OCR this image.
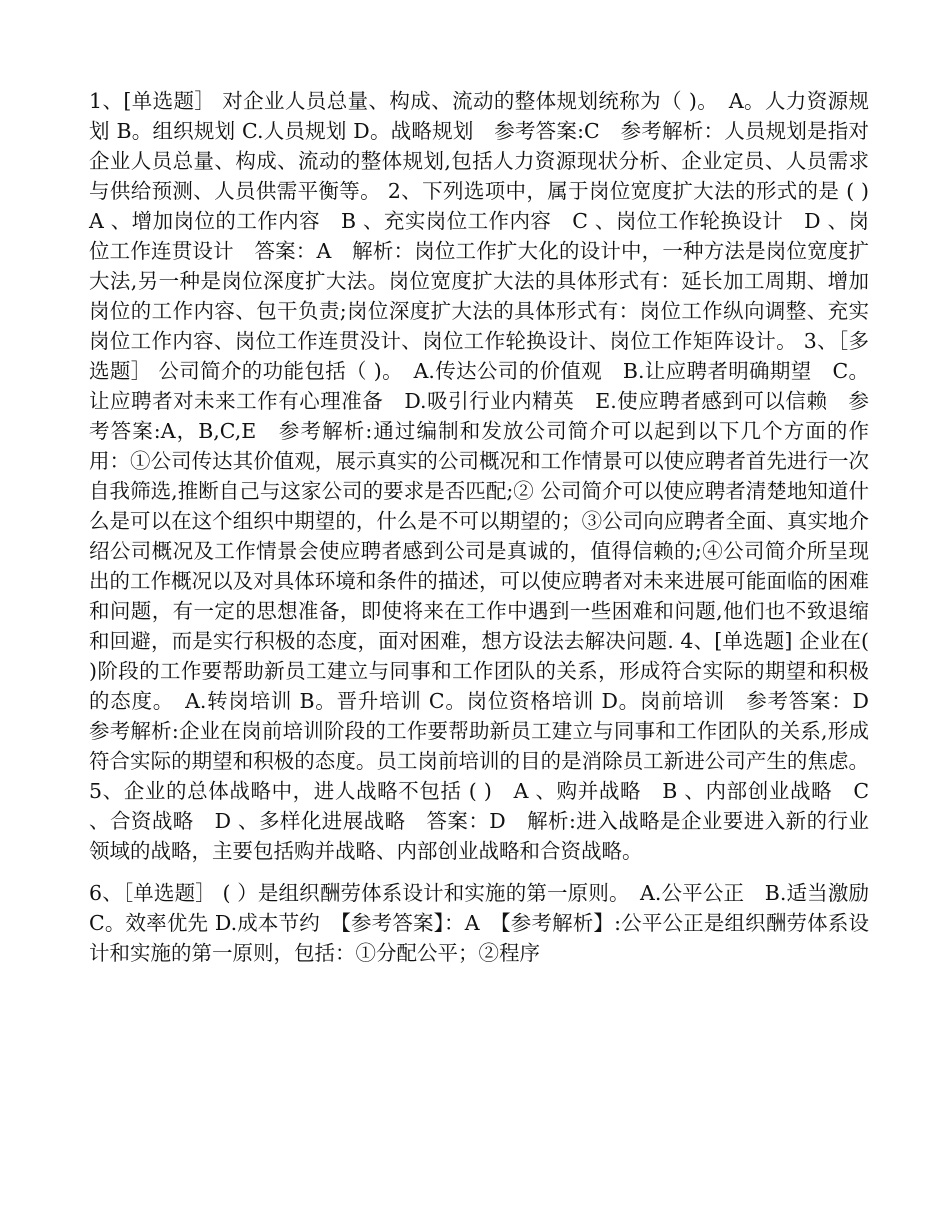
1、[单选题］ 对企业人员总量、构成、流动的整体规划统称为（ )。　A。人力资源规划 B。组织规划 C.人员规划 D。战略规划　参考答案:C　参考解析：人员规划是指对企业人员总量、构成、流动的整体规划,包括人力资源现状分析、企业定员、人员需求与供给预测、人员供需平衡等。 2、下列选项中，属于岗位宽度扩大法的形式的是 ( )　A 、增加岗位的工作内容　B 、充实岗位工作内容　C 、岗位工作轮换设计　D 、岗位工作连贯设计　答案：A　解析：岗位工作扩大化的设计中，一种方法是岗位宽度扩大法,另一种是岗位深度扩大法。岗位宽度扩大法的具体形式有：延长加工周期、增加岗位的工作内容、包干负责;岗位深度扩大法的具体形式有：岗位工作纵向调整、充实岗位工作内容、岗位工作连贯没计、岗位工作轮换设计、岗位工作矩阵设计。 3、［多选题］ 公司简介的功能包括（ )。　A.传达公司的价值观　B.让应聘者明确期望　C。让应聘者对未来工作有心理准备　D.吸引行业内精英　E.使应聘者感到可以信赖　参考答案:A，B,C,E　参考解析:通过编制和发放公司简介可以起到以下几个方面的作用：①公司传达其价值观，展示真实的公司概况和工作情景可以使应聘者首先进行一次自我筛选,推断自己与这家公司的要求是否匹配;② 公司简介可以使应聘者清楚地知道什么是可以在这个组织中期望的，什么是不可以期望的；③公司向应聘者全面、真实地介绍公司概况及工作情景会使应聘者感到公司是真诚的，值得信赖的;④公司简介所呈现出的工作概况以及对具体环境和条件的描述，可以使应聘者对未来进展可能面临的困难和问题，有一定的思想准备，即使将来在工作中遇到一些困难和问题,他们也不致退缩和回避，而是实行积极的态度，面对困难，想方设法去解决问题. 4、[单选题] 企业在( )阶段的工作要帮助新员工建立与同事和工作团队的关系，形成符合实际的期望和积极的态度。　A.转岗培训 B。晋升培训 C。岗位资格培训 D。岗前培训　参考答案：D　参考解析:企业在岗前培训阶段的工作要帮助新员工建立与同事和工作团队的关系,形成符合实际的期望和积极的态度。员工岗前培训的目的是消除员工新进公司产生的焦虑。 5、企业的总体战略中，进人战略不包括 ( )　A 、购并战略　B 、内部创业战略　C 、合资战略　D 、多样化进展战略　答案：D　解析:进入战略是企业要进入新的行业领域的战略，主要包括购并战略、内部创业战略和合资战略。

6、［单选题］ ( ）是组织酬劳体系设计和实施的第一原则。　A.公平公正　B.适当激励 C。效率优先 D.成本节约　【参考答案】：A　【参考解析】:公平公正是组织酬劳体系设计和实施的第一原则，包括：①分配公平；②程序
